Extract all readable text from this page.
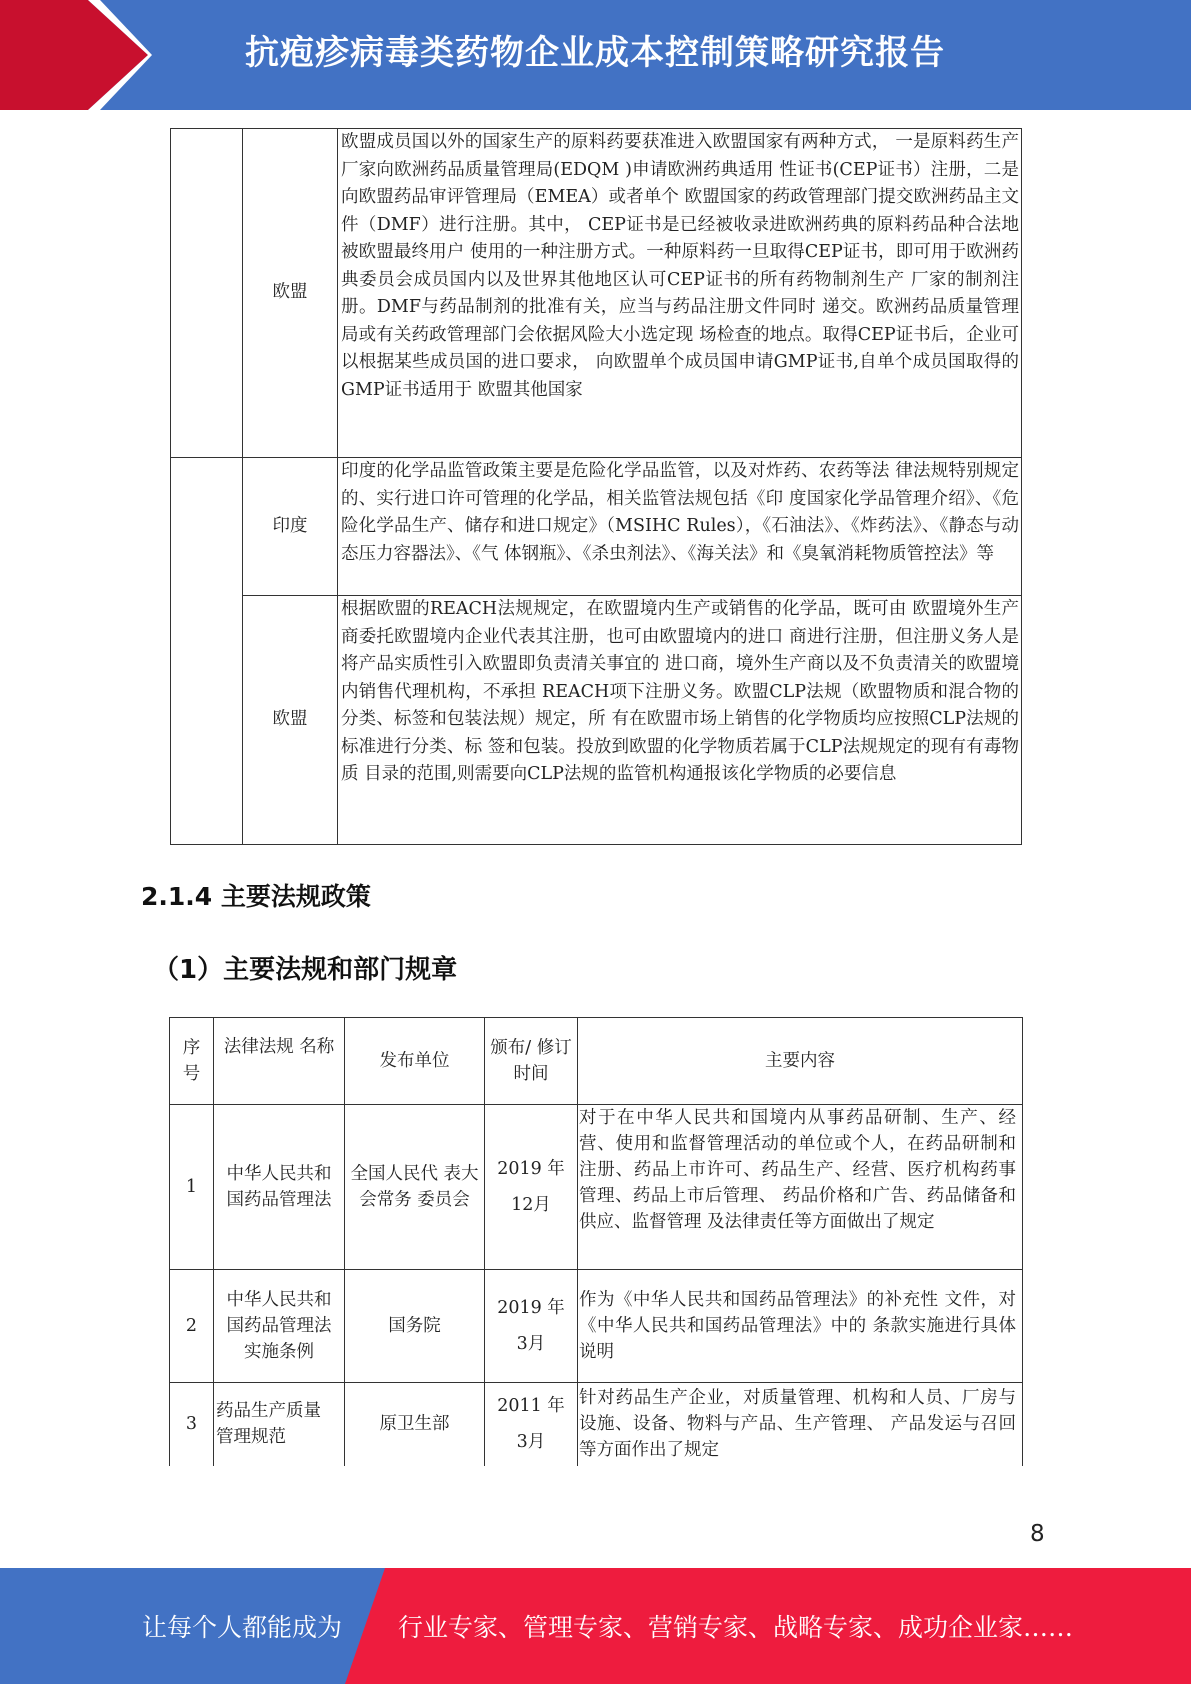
抗疱疹病毒类药物企业成本控制策略研究报告
	欧盟	欧盟成员国以外的国家生产的原料药要获准进入欧盟国家有两种方式， 一是原料药生产厂家向欧洲药品质量管理局(EDQM )申请欧洲药典适用 性证书(CEP证书）注册，二是向欧盟药品审评管理局（EMEA）或者单个 欧盟国家的药政管理部门提交欧洲药品主文件（DMF）进行注册。其中， CEP证书是已经被收录进欧洲药典的原料药品种合法地被欧盟最终用户 使用的一种注册方式。一种原料药一旦取得CEP证书，即可用于欧洲药 典委员会成员国内以及世界其他地区认可CEP证书的所有药物制剂生产 厂家的制剂注册。DMF与药品制剂的批准有关，应当与药品注册文件同时 递交。欧洲药品质量管理局或有关药政管理部门会依据风险大小选定现 场检查的地点。取得CEP证书后，企业可以根据某些成员国的进口要求， 向欧盟单个成员国申请GMP证书,自单个成员国取得的GMP证书适用于 欧盟其他国家
	印度	印度的化学品监管政策主要是危险化学品监管，以及对炸药、农药等法 律法规特别规定的、实行进口许可管理的化学品，相关监管法规包括《印 度国家化学品管理介绍》、《危险化学品生产、储存和进口规定》（MSIHC Rules），《石油法》、《炸药法》、《静态与动态压力容器法》、《气 体钢瓶》、《杀虫剂法》、《海关法》和《臭氧消耗物质管控法》等
	欧盟	根据欧盟的REACH法规规定，在欧盟境内生产或销售的化学品，既可由 欧盟境外生产商委托欧盟境内企业代表其注册，也可由欧盟境内的进口 商进行注册，但注册义务人是将产品实质性引入欧盟即负责清关事宜的 进口商，境外生产商以及不负责清关的欧盟境内销售代理机构，不承担 REACH项下注册义务。欧盟CLP法规（欧盟物质和混合物的分类、标签和包装法规）规定，所 有在欧盟市场上销售的化学物质均应按照CLP法规的标准进行分类、标 签和包装。投放到欧盟的化学物质若属于CLP法规规定的现有有毒物质 目录的范围,则需要向CLP法规的监管机构通报该化学物质的必要信息
2.1.4 主要法规政策
（1）主要法规和部门规章
序号	法律法规 名称	发布单位	颁布/ 修订 时间	主要内容
1	中华人民共和国药品管理法	全国人民代 表大会常务 委员会	2019 年 12月	对于在中华人民共和国境内从事药品研制、生产、经营、使用和监督管理活动的单位或个人，在药品研制和注册、药品上市许可、药品生产、经营、医疗机构药事管理、药品上市后管理、 药品价格和广告、药品储备和供应、监督管理 及法律责任等方面做出了规定
2	中华人民共和国药品管理法实施条例	国务院	2019 年 3月	作为《中华人民共和国药品管理法》的补充性 文件，对《中华人民共和国药品管理法》中的 条款实施进行具体说明
3	药品生产质量管理规范	原卫生部	2011 年 3月	针对药品生产企业，对质量管理、机构和人员、厂房与设施、设备、物料与产品、生产管理、 产品发运与召回等方面作出了规定
8
让每个人都能成为 行业专家、管理专家、营销专家、战略专家、成功企业家……
